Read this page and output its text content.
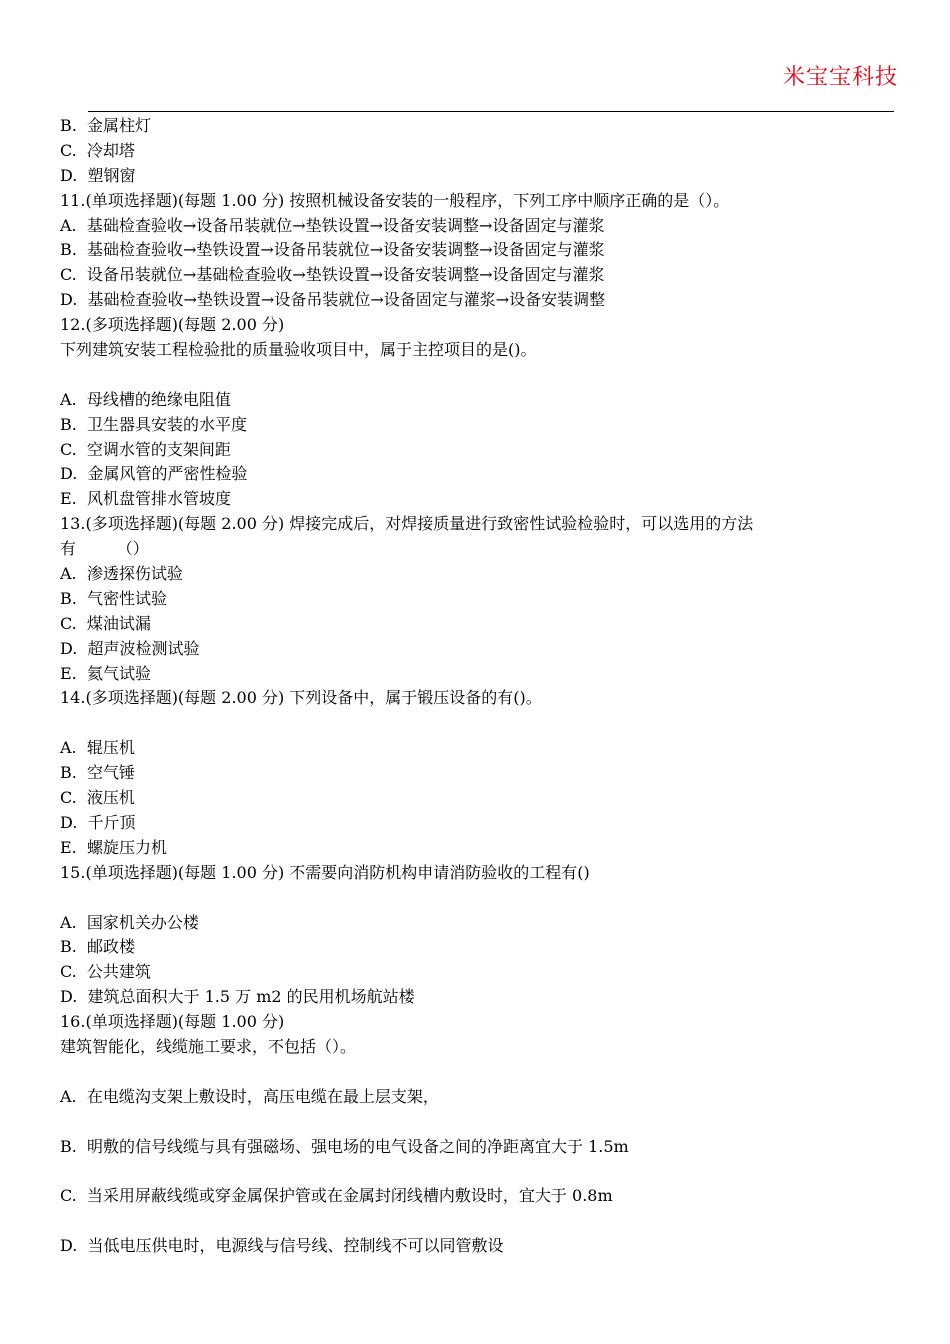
米宝宝科技
B.  金属柱灯
C.  冷却塔
D.  塑钢窗
11.(单项选择题)(每题 1.00 分) 按照机械设备安装的一般程序，下列工序中顺序正确的是（）。
A.  基础检查验收→设备吊装就位→垫铁设置→设备安装调整→设备固定与灌浆
B.  基础检查验收→垫铁设置→设备吊装就位→设备安装调整→设备固定与灌浆
C.  设备吊装就位→基础检查验收→垫铁设置→设备安装调整→设备固定与灌浆
D.  基础检查验收→垫铁设置→设备吊装就位→设备固定与灌浆→设备安装调整
12.(多项选择题)(每题 2.00 分)
下列建筑安装工程检验批的质量验收项目中，属于主控项目的是()。
A.  母线槽的绝缘电阻值
B.  卫生器具安装的水平度
C.  空调水管的支架间距
D.  金属风管的严密性检验
E.  风机盘管排水管坡度
13.(多项选择题)(每题 2.00 分) 焊接完成后，对焊接质量进行致密性试验检验时，可以选用的方法
有        （）
A.  渗透探伤试验
B.  气密性试验
C.  煤油试漏
D.  超声波检测试验
E.  氦气试验
14.(多项选择题)(每题 2.00 分) 下列设备中，属于锻压设备的有()。
A.  辊压机
B.  空气锤
C.  液压机
D.  千斤顶
E.  螺旋压力机
15.(单项选择题)(每题 1.00 分) 不需要向消防机构申请消防验收的工程有()
A.  国家机关办公楼
B.  邮政楼
C.  公共建筑
D.  建筑总面积大于 1.5 万 m2 的民用机场航站楼
16.(单项选择题)(每题 1.00 分)
建筑智能化，线缆施工要求，不包括（）。
A.  在电缆沟支架上敷设时，高压电缆在最上层支架，
B.  明敷的信号线缆与具有强磁场、强电场的电气设备之间的净距离宜大于 1.5m
C.  当采用屏蔽线缆或穿金属保护管或在金属封闭线槽内敷设时，宜大于 0.8m
D.  当低电压供电时，电源线与信号线、控制线不可以同管敷设
